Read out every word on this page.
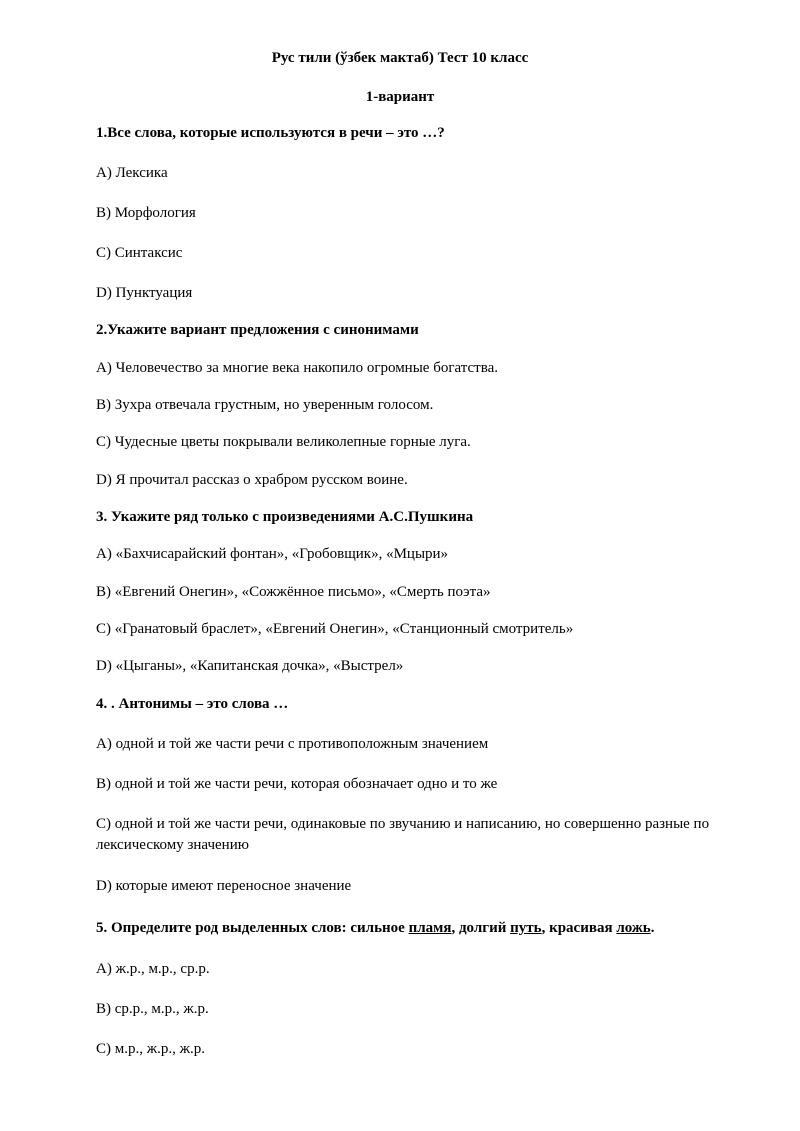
Рус тили (ўзбек мактаб) Тест 10 класс
1-вариант
1.Все слова, которые используются в речи – это …?
A) Лексика
B) Морфология
C) Синтаксис
D) Пунктуация
2.Укажите вариант предложения с синонимами
A) Человечество за многие века накопило огромные богатства.
B) Зухра отвечала грустным, но уверенным голосом.
C) Чудесные цветы покрывали великолепные горные луга.
D) Я прочитал рассказ о храбром русском воине.
3. Укажите ряд только с произведениями А.С.Пушкина
A) «Бахчисарайский фонтан», «Гробовщик», «Мцыри»
B) «Евгений Онегин», «Сожжённое письмо», «Смерть поэта»
C) «Гранатовый браслет», «Евгений Онегин», «Станционный смотритель»
D) «Цыганы», «Капитанская дочка», «Выстрел»
4. . Антонимы – это слова …
A) одной и той же части речи с противоположным значением
B) одной и той же части речи, которая обозначает одно и то же
C) одной и той же части речи, одинаковые по звучанию и написанию, но совершенно разные по лексическому значению
D) которые имеют переносное значение
5. Определите род выделенных слов: сильное пламя, долгий путь, красивая ложь.
A) ж.р., м.р., ср.р.
B) ср.р., м.р., ж.р.
C) м.р., ж.р., ж.р.
